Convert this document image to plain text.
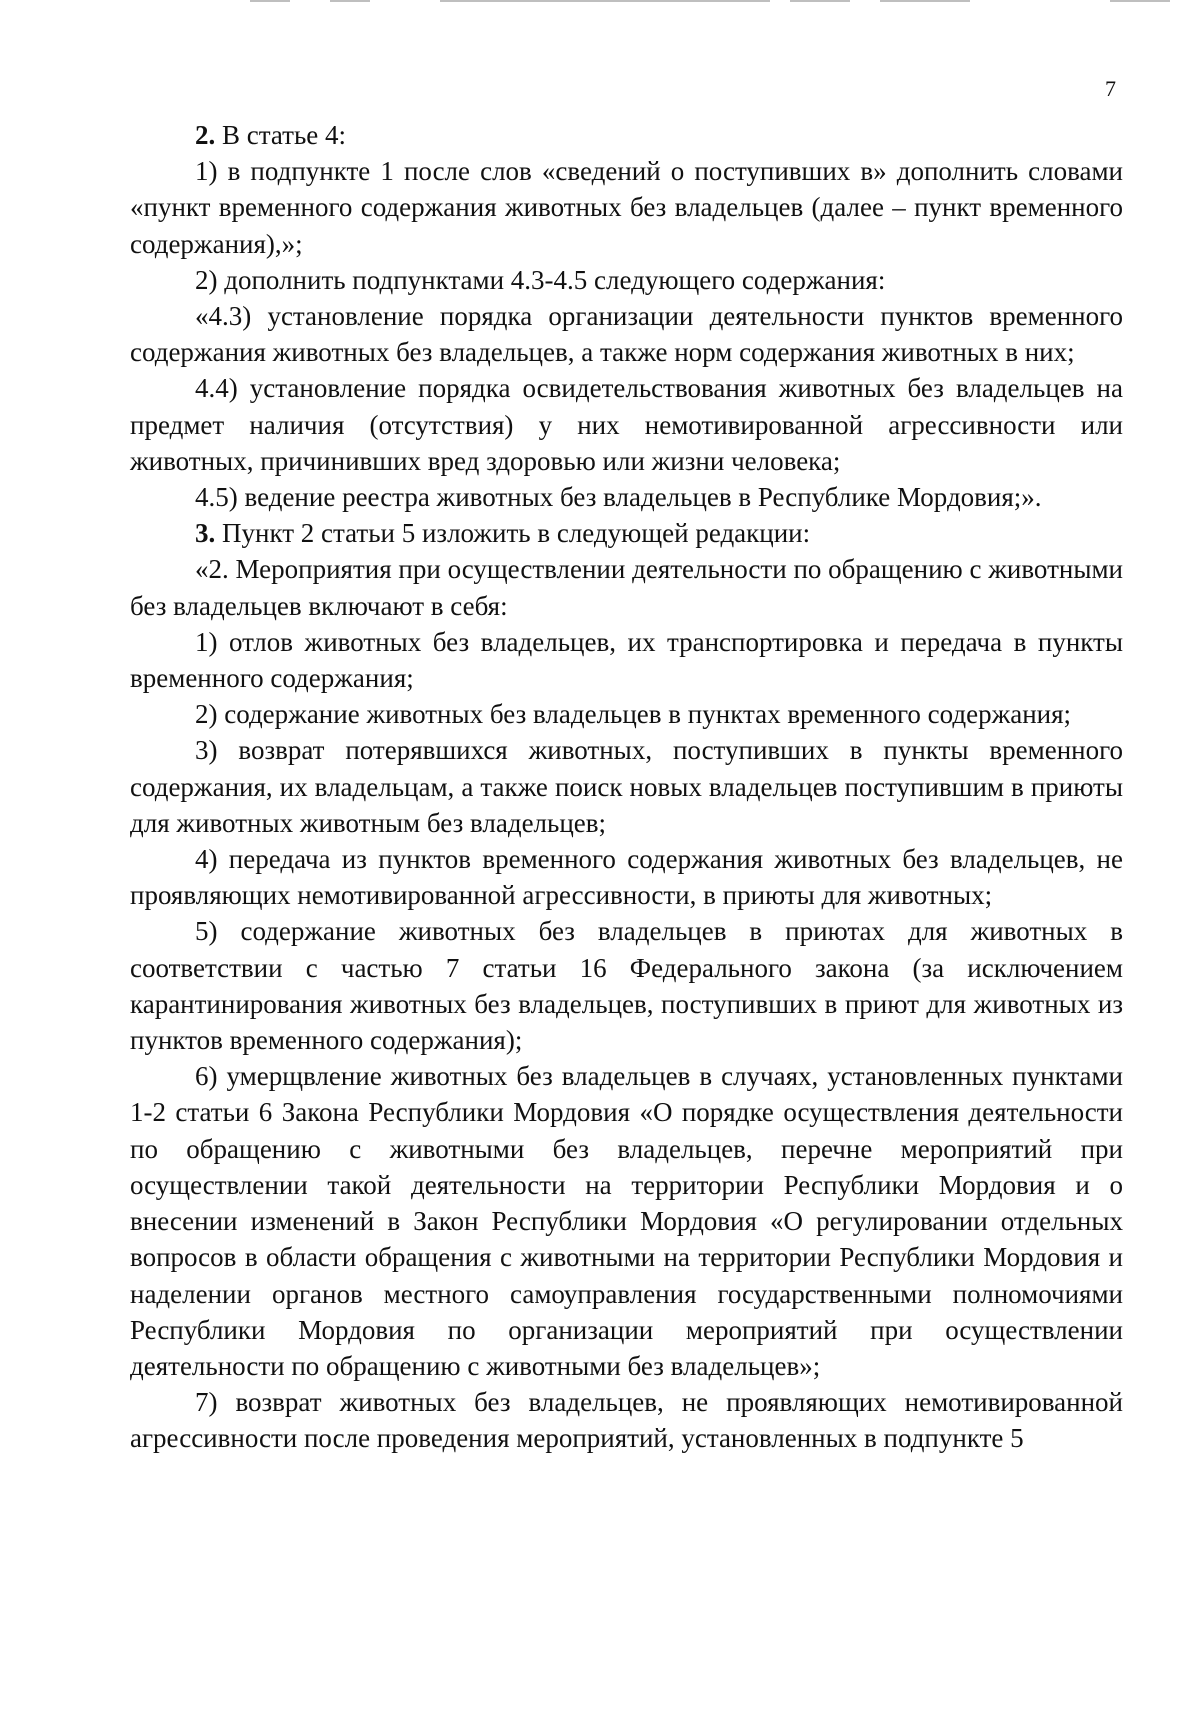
7

2. В статье 4:

1) в подпункте 1 после слов «сведений о поступивших в» дополнить словами «пункт временного содержания животных без владельцев (далее – пункт временного содержания),»;

2) дополнить подпунктами 4.3-4.5 следующего содержания:

«4.3) установление порядка организации деятельности пунктов временного содержания животных без владельцев, а также норм содержания животных в них;

4.4) установление порядка освидетельствования животных без владельцев на предмет наличия (отсутствия) у них немотивированной агрессивности или животных, причинивших вред здоровью или жизни человека;

4.5) ведение реестра животных без владельцев в Республике Мордовия;».

3. Пункт 2 статьи 5 изложить в следующей редакции:

«2. Мероприятия при осуществлении деятельности по обращению с животными без владельцев включают в себя:

1) отлов животных без владельцев, их транспортировка и передача в пункты временного содержания;

2) содержание животных без владельцев в пунктах временного содержания;

3) возврат потерявшихся животных, поступивших в пункты временного содержания, их владельцам, а также поиск новых владельцев поступившим в приюты для животных животным без владельцев;

4) передача из пунктов временного содержания животных без владельцев, не проявляющих немотивированной агрессивности, в приюты для животных;

5) содержание животных без владельцев в приютах для животных в соответствии с частью 7 статьи 16 Федерального закона (за исключением карантинирования животных без владельцев, поступивших в приют для животных из пунктов временного содержания);

6) умерщвление животных без владельцев в случаях, установленных пунктами 1-2 статьи 6 Закона Республики Мордовия «О порядке осуществления деятельности по обращению с животными без владельцев, перечне мероприятий при осуществлении такой деятельности на территории Республики Мордовия и о внесении изменений в Закон Республики Мордовия «О регулировании отдельных вопросов в области обращения с животными на территории Республики Мордовия и наделении органов местного самоуправления государственными полномочиями Республики Мордовия по организации мероприятий при осуществлении деятельности по обращению с животными без владельцев»;

7) возврат животных без владельцев, не проявляющих немотивированной агрессивности после проведения мероприятий, установленных в подпункте 5
